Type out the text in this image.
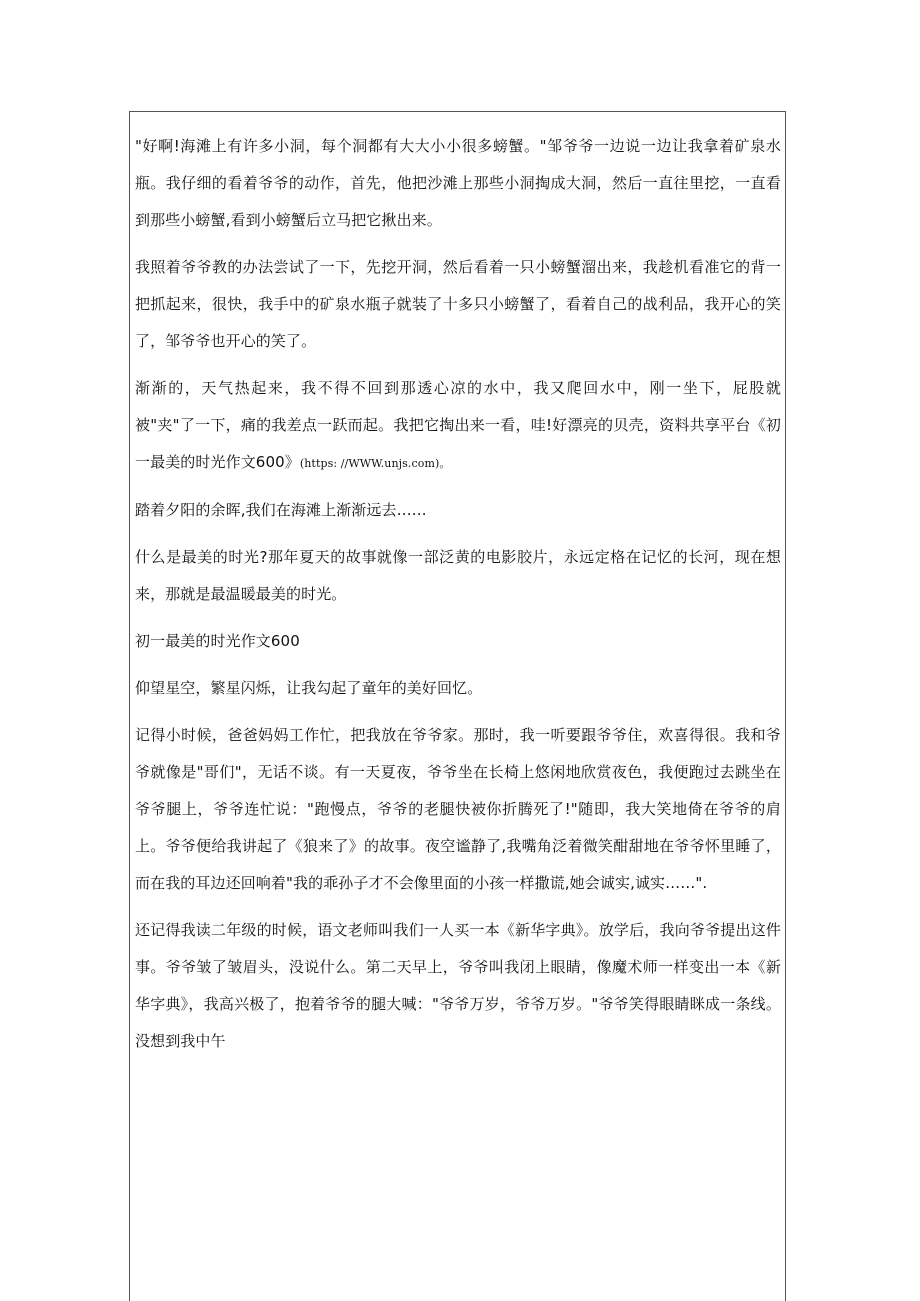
"好啊!海滩上有许多小洞，每个洞都有大大小小很多螃蟹。"邹爷爷一边说一边让我拿着矿泉水瓶。我仔细的看着爷爷的动作，首先，他把沙滩上那些小洞掏成大洞，然后一直往里挖，一直看到那些小螃蟹,看到小螃蟹后立马把它揪出来。

我照着爷爷教的办法尝试了一下，先挖开洞，然后看着一只小螃蟹溜出来，我趁机看准它的背一把抓起来，很快，我手中的矿泉水瓶子就装了十多只小螃蟹了，看着自己的战利品，我开心的笑了，邹爷爷也开心的笑了。

渐渐的，天气热起来，我不得不回到那透心凉的水中，我又爬回水中，刚一坐下，屁股就被"夹"了一下，痛的我差点一跃而起。我把它掏出来一看，哇!好漂亮的贝壳，资料共享平台《初一最美的时光作文600》(https: //WWW.unjs.com)。

踏着夕阳的余晖,我们在海滩上渐渐远去……

什么是最美的时光?那年夏天的故事就像一部泛黄的电影胶片，永远定格在记忆的长河，现在想来，那就是最温暖最美的时光。

初一最美的时光作文600

仰望星空，繁星闪烁，让我勾起了童年的美好回忆。

记得小时候，爸爸妈妈工作忙，把我放在爷爷家。那时，我一听要跟爷爷住，欢喜得很。我和爷爷就像是"哥们"，无话不谈。有一天夏夜，爷爷坐在长椅上悠闲地欣赏夜色，我便跑过去跳坐在爷爷腿上，爷爷连忙说："跑慢点，爷爷的老腿快被你折腾死了!"随即，我大笑地倚在爷爷的肩上。爷爷便给我讲起了《狼来了》的故事。夜空谧静了,我嘴角泛着微笑酣甜地在爷爷怀里睡了，而在我的耳边还回响着"我的乖孙子才不会像里面的小孩一样撒谎,她会诚实,诚实……".

还记得我读二年级的时候，语文老师叫我们一人买一本《新华字典》。放学后，我向爷爷提出这件事。爷爷皱了皱眉头，没说什么。第二天早上，爷爷叫我闭上眼睛，像魔术师一样变出一本《新华字典》，我高兴极了，抱着爷爷的腿大喊："爷爷万岁，爷爷万岁。"爷爷笑得眼睛眯成一条线。没想到我中午
